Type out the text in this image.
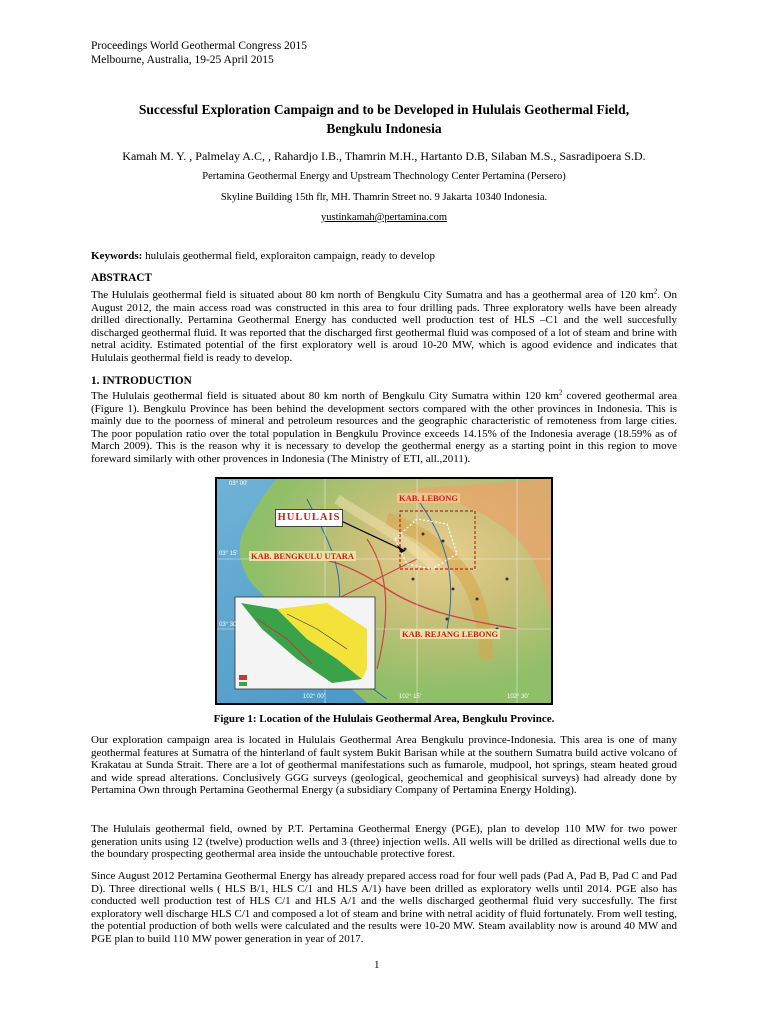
Proceedings World Geothermal Congress 2015
Melbourne, Australia, 19-25 April 2015
Successful Exploration Campaign and to be Developed in Hululais Geothermal Field,
Bengkulu Indonesia
Kamah M. Y. , Palmelay A.C, , Rahardjo I.B., Thamrin M.H., Hartanto D.B, Silaban M.S., Sasradipoera S.D.
Pertamina Geothermal Energy and Upstream Thechnology Center Pertamina (Persero)
Skyline Building 15th flr, MH. Thamrin Street no. 9 Jakarta 10340 Indonesia.
yustinkamah@pertamina.com
Keywords: hululais geothermal field, exploraiton campaign, ready to develop
ABSTRACT
The Hululais geothermal field is situated about 80 km north of Bengkulu City Sumatra and has a geothermal area of 120 $km^2$. On August 2012, the main access road was constructed in this area to four drilling pads. Three exploratory wells have been already drilled directionally. Pertamina Geothermal Energy has conducted well production test of HLS –C1 and the well succesfully discharged geothermal fluid. It was reported that the discharged first geothermal fluid was composed of a lot of steam and brine with netral acidity. Estimated potential of the first exploratory well is aroud 10-20 MW, which is agood evidence and indicates that Hululais geothermal field is ready to develop.
1. INTRODUCTION
The Hululais geothermal field is situated about 80 km north of Bengkulu City Sumatra within 120 $km^2$ covered geothermal area (Figure 1). Bengkulu Province has been behind the development sectors compared with the other provinces in Indonesia. This is mainly due to the poorness of mineral and petroleum resources and the geographic characteristic of remoteness from large cities. The poor population ratio over the total population in Bengkulu Province exceeds 14.15% of the Indonesia average (18.59% as of March 2009). This is the reason why it is necessary to develop the geothermal energy as a starting point in this region to move foreward similarly with other provences in Indonesia (The Ministry of ETI, all.,2011).
HULULAIS
KAB. LEBONG
KAB. BENGKULU UTARA
KAB. REJANG LEBONG
03° 00'
03° 15'
03° 30'
102° 00'	102° 15'	102° 30'
Figure 1: Location of the Hululais Geothermal Area, Bengkulu Province.
Our exploration campaign area is located in Hululais Geothermal Area Bengkulu province-Indonesia. This area is one of many geothermal features at Sumatra of the hinterland of fault system Bukit Barisan while at the southern Sumatra build active volcano of Krakatau at Sunda Strait. There are a lot of geothermal manifestations such as fumarole, mudpool, hot springs, steam heated groud and wide spread alterations. Conclusively GGG surveys (geological, geochemical and geophisical surveys) had already done by Pertamina Own through Pertamina Geothermal Energy (a subsidiary Company of Pertamina Energy Holding).
The Hululais geothermal field, owned by P.T. Pertamina Geothermal Energy (PGE), plan to develop 110 MW for two power generation units using 12 (twelve) production wells and 3 (three) injection wells. All wells will be drilled as directional wells due to the boundary prospecting geothermal area inside the untouchable protective forest.
Since August 2012 Pertamina Geothermal Energy has already prepared access road for four well pads (Pad A, Pad B, Pad C and Pad D). Three directional wells ( HLS B/1, HLS C/1 and HLS A/1) have been drilled as exploratory wells until 2014. PGE also has conducted well production test of HLS C/1 and HLS A/1 and the wells discharged geothermal fluid very succesfully. The first exploratory well discharge HLS C/1 and composed a lot of steam and brine with netral acidity of fluid fortunately. From well testing, the potential production of both wells were calculated and the results were 10-20 MW. Steam availablity now is around 40 MW and PGE plan to build 110 MW power generation in year of 2017.
1
